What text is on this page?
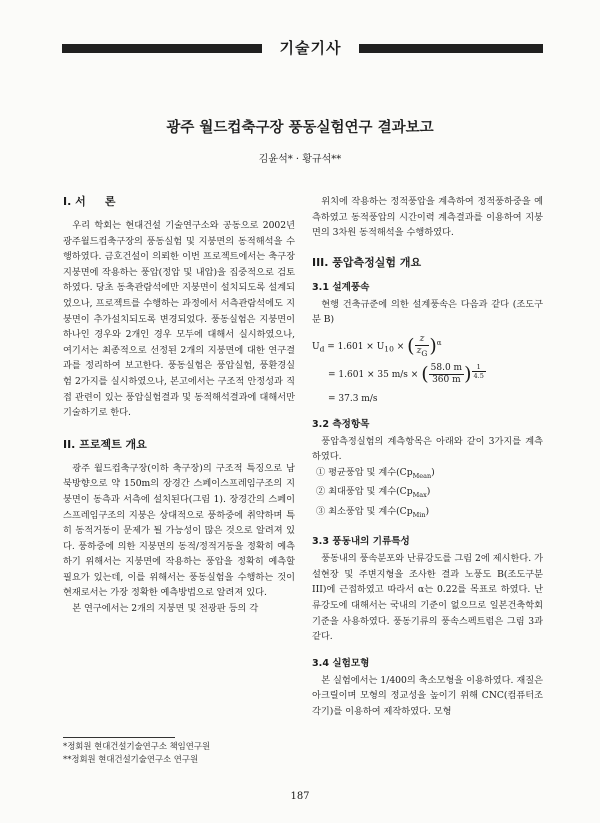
기술기사
광주 월드컵축구장 풍동실험연구 결과보고
김윤석* · 황규석**
I. 서     론

우리 학회는 현대건설 기술연구소와 공동으로 2002년 광주월드컵축구장의 풍동실험 및 지붕면의 동적해석을 수행하였다. 금호건설이 의뢰한 이번 프로젝트에서는 축구장지붕면에 작용하는 풍압(정압 및 내압)을 집중적으로 검토하였다. 당초 동축관람석에만 지붕면이 설치되도록 설계되었으나, 프로젝트를 수행하는 과정에서 서측관람석에도 지붕면이 추가설치되도록 변경되었다. 풍동실험은 지붕면이 하나인 경우와 2개인 경우 모두에 대해서 실시하였으나, 여기서는 최종적으로 선정된 2개의 지붕면에 대한 연구결과를 정리하여 보고한다. 풍동실험은 풍압실험, 풍환경실험 2가지를 실시하였으나, 본고에서는 구조적 안정성과 직접 관련이 있는 풍압실험결과 및 동적해석결과에 대해서만 기술하기로 한다.

II. 프로젝트 개요

광주 월드컵축구장(이하 축구장)의 구조적 특징으로 남북방향으로 약 150m의 장경간 스페이스프레임구조의 지붕면이 동측과 서측에 설치된다(그림 1). 장경간의 스페이스프레임구조의 지붕은 상대적으로 풍하중에 취약하며 특히 동적거동이 문제가 될 가능성이 많은 것으로 알려져 있다. 풍하중에 의한 지붕면의 동적/정적거동을 정확히 예측하기 위해서는 지붕면에 작용하는 풍압을 정확히 예측할 필요가 있는데, 이를 위해서는 풍동실험을 수행하는 것이 현재로서는 가장 정확한 예측방법으로 알려져 있다.

본 연구에서는 2개의 지붕면 및 전광판 등의 각

위치에 작용하는 정적풍압을 계측하여 정적풍하중을 예측하였고 동적풍압의 시간이력 계측결과를 이용하여 지붕면의 3차원 동적해석을 수행하였다.

III. 풍압측정실험 개요
3.1 설계풍속

현행 건축규준에 의한 설계풍속은 다음과 같다 (조도구분 B)

$U_d = 1.601 \times U_{10}$ × ( $\frac{z}{z_G} )^\alpha$
= 1.601 × 35 m/s × ( $\frac{58.0 m}{360 m}$ ) $\frac{1}{4.5}$
= 37.3 m/s
3.2 측정항목

풍압측정실험의 계측항목은 아래와 같이 3가지를 계측하였다.

① 평균풍압 및 계수$(Cp_{Mean})$
② 최대풍압 및 계수$(Cp_{Max})$
③ 최소풍압 및 계수$(Cp_{Min})$
3.3 풍동내의 기류특성

풍동내의 풍속분포와 난류강도를 그림 2에 제시한다. 가설현장 및 주변지형을 조사한 결과 노풍도 B(조도구분 III)에 근접하였고 따라서 α는 0.22를 목표로 하였다. 난류강도에 대해서는 국내의 기준이 없으므로 일본건축학회 기준을 사용하였다. 풍동기류의 풍속스펙트럼은 그림 3과 같다.

3.4 실험모형

본 실험에서는 1/400의 축소모형을 이용하였다. 재질은 아크릴이며 모형의 정교성을 높이기 위해 CNC(컴퓨터조각기)를 이용하여 제작하였다. 모형

*정회원 현대건설기술연구소 책임연구원
**정회원 현대건설기술연구소 연구원
187
